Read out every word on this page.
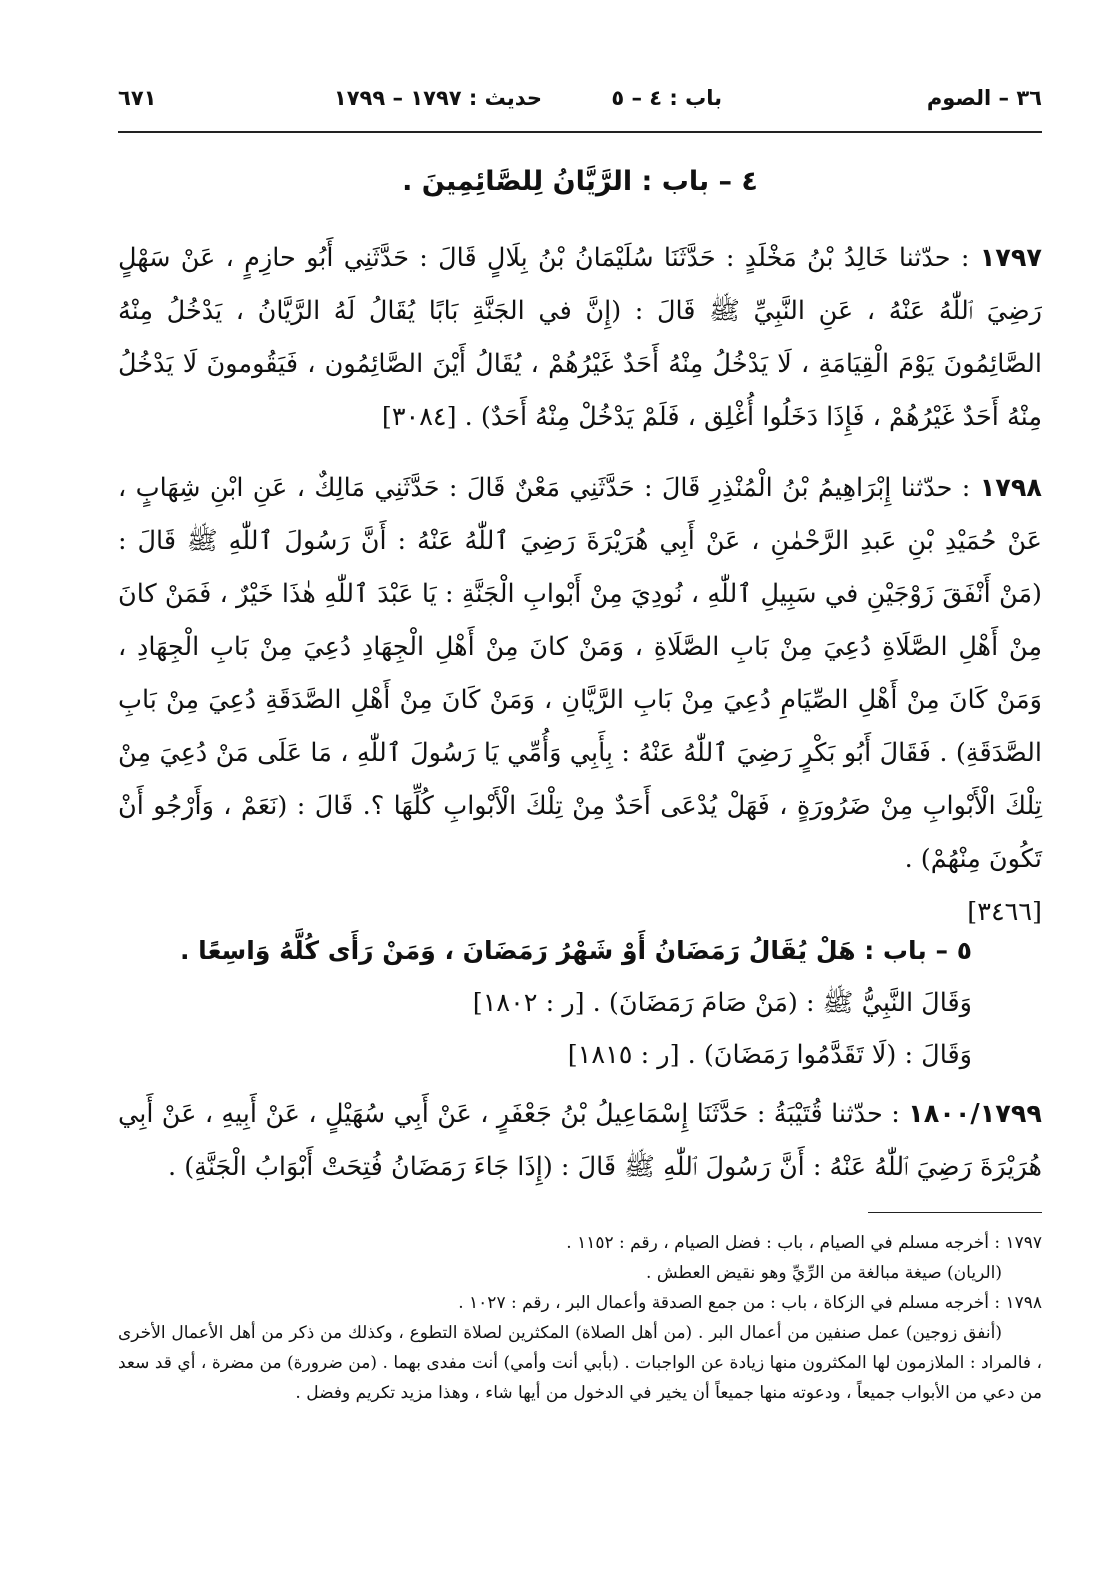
٣٦ – الصوم
باب : ٤ – ٥
حديث : ١٧٩٧ – ١٧٩٩
٦٧١
٤ – باب : الرَّيَّانُ لِلصَّائِمِينَ .
١٧٩٧ : حدّثنا خَالِدُ بْنُ مَخْلَدٍ : حَدَّثَنَا سُلَيْمَانُ بْنُ بِلَالٍ قَالَ : حَدَّثَنِي أَبُو حازِمٍ ، عَنْ سَهْلٍ رَضِيَ ٱللّٰهُ عَنْهُ ، عَنِ النَّبِيِّ ﷺ قَالَ : (إِنَّ في الجَنَّةِ بَابًا يُقَالُ لَهُ الرَّيَّانُ ، يَدْخُلُ مِنْهُ الصَّائِمُونَ يَوْمَ الْقِيَامَةِ ، لَا يَدْخُلُ مِنْهُ أَحَدٌ غَيْرُهُمْ ، يُقَالُ أَيْنَ الصَّائِمُون ، فَيَقُومونَ لَا يَدْخُلُ مِنْهُ أَحَدٌ غَيْرُهُمْ ، فَإِذَا دَخَلُوا أُغْلِق ، فَلَمْ يَدْخُلْ مِنْهُ أَحَدٌ) . [٣٠٨٤]
١٧٩٨ : حدّثنا إِبْرَاهِيمُ بْنُ الْمُنْذِرِ قَالَ : حَدَّثَنِي مَعْنٌ قَالَ : حَدَّثَنِي مَالِكٌ ، عَنِ ابْنِ شِهَابٍ ، عَنْ حُمَيْدِ بْنِ عَبدِ الرَّحْمٰنِ ، عَنْ أَبِي هُرَيْرَةَ رَضِيَ ٱللّٰهُ عَنْهُ : أَنَّ رَسُولَ ٱللّٰهِ ﷺ قَالَ : (مَنْ أَنْفَقَ زَوْجَيْنِ في سَبِيلِ ٱللّٰهِ ، نُودِيَ مِنْ أَبْوابِ الْجَنَّةِ : يَا عَبْدَ ٱللّٰهِ هٰذَا خَيْرٌ ، فَمَنْ كانَ مِنْ أَهْلِ الصَّلَاةِ دُعِيَ مِنْ بَابِ الصَّلَاةِ ، وَمَنْ كانَ مِنْ أَهْلِ الْجِهَادِ دُعِيَ مِنْ بَابِ الْجِهَادِ ، وَمَنْ كَانَ مِنْ أَهْلِ الصِّيَامِ دُعِيَ مِنْ بَابِ الرَّيَّانِ ، وَمَنْ كَانَ مِنْ أَهْلِ الصَّدَقَةِ دُعِيَ مِنْ بَابِ الصَّدَقَةِ) . فَقَالَ أَبُو بَكْرٍ رَضِيَ ٱللّٰهُ عَنْهُ : بِأَبِي وَأُمِّي يَا رَسُولَ ٱللّٰهِ ، مَا عَلَى مَنْ دُعِيَ مِنْ تِلْكَ الْأَبْوابِ مِنْ ضَرُورَةٍ ، فَهَلْ يُدْعَى أَحَدٌ مِنْ تِلْكَ الْأَبْوابِ كُلِّهَا ؟. قَالَ : (نَعَمْ ، وَأَرْجُو أَنْ تَكُونَ مِنْهُمْ) .
[٣٤٦٦]
٥ – باب : هَلْ يُقَالُ رَمَضَانُ أَوْ شَهْرُ رَمَضَانَ ، وَمَنْ رَأَى كُلَّهُ وَاسِعًا .
وَقَالَ النَّبِيُّ ﷺ : (مَنْ صَامَ رَمَضَانَ) . [ر : ١٨٠٢]
وَقَالَ : (لَا تَقَدَّمُوا رَمَضَانَ) . [ر : ١٨١٥]
١٨٠٠/١٧٩٩ : حدّثنا قُتَيْبَةُ : حَدَّثَنَا إِسْمَاعِيلُ بْنُ جَعْفَرٍ ، عَنْ أَبِي سُهَيْلٍ ، عَنْ أَبِيهِ ، عَنْ أَبِي هُرَيْرَةَ رَضِيَ ٱللّٰهُ عَنْهُ : أَنَّ رَسُولَ ٱللّٰهِ ﷺ قَالَ : (إِذَا جَاءَ رَمَضَانُ فُتِحَتْ أَبْوَابُ الْجَنَّةِ) .
١٧٩٧ : أخرجه مسلم في الصيام ، باب : فضل الصيام ، رقم : ١١٥٢ .
(الريان) صيغة مبالغة من الرِّيِّ وهو نقيض العطش .
١٧٩٨ : أخرجه مسلم في الزكاة ، باب : من جمع الصدقة وأعمال البر ، رقم : ١٠٢٧ .
(أنفق زوجين) عمل صنفين من أعمال البر . (من أهل الصلاة) المكثرين لصلاة التطوع ، وكذلك من ذكر من أهل الأعمال الأخرى ، فالمراد : الملازمون لها المكثرون منها زيادة عن الواجبات . (بأبي أنت وأمي) أنت مفدى بهما . (من ضرورة) من مضرة ، أي قد سعد من دعي من الأبواب جميعاً ، ودعوته منها جميعاً أن يخير في الدخول من أيها شاء ، وهذا مزيد تكريم وفضل .
